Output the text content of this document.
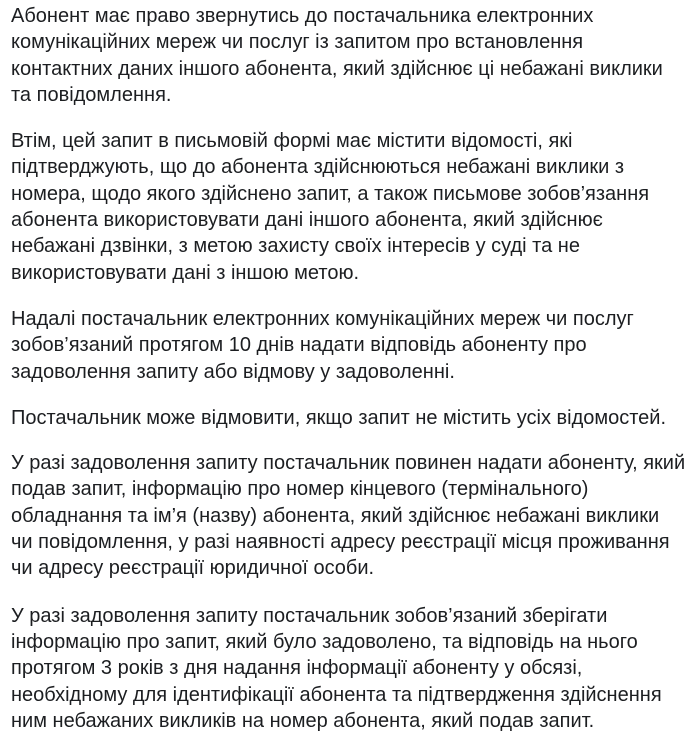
Абонент має право звернутись до постачальника електронних
комунікаційних мереж чи послуг із запитом про встановлення
контактних даних іншого абонента, який здійснює ці небажані виклики
та повідомлення.
Втім, цей запит в письмовій формі має містити відомості, які
підтверджують, що до абонента здійснюються небажані виклики з
номера, щодо якого здійснено запит, а також письмове зобов’язання
абонента використовувати дані іншого абонента, який здійснює
небажані дзвінки, з метою захисту своїх інтересів у суді та не
використовувати дані з іншою метою.
Надалі постачальник електронних комунікаційних мереж чи послуг
зобов’язаний протягом 10 днів надати відповідь абоненту про
задоволення запиту або відмову у задоволенні.
Постачальник може відмовити, якщо запит не містить усіх відомостей.
У разі задоволення запиту постачальник повинен надати абоненту, який
подав запит, інформацію про номер кінцевого (термінального)
обладнання та ім’я (назву) абонента, який здійснює небажані виклики
чи повідомлення, у разі наявності адресу реєстрації місця проживання
чи адресу реєстрації юридичної особи.
У разі задоволення запиту постачальник зобов’язаний зберігати
інформацію про запит, який було задоволено, та відповідь на нього
протягом 3 років з дня надання інформації абоненту у обсязі,
необхідному для ідентифікації абонента та підтвердження здійснення
ним небажаних викликів на номер абонента, який подав запит.
